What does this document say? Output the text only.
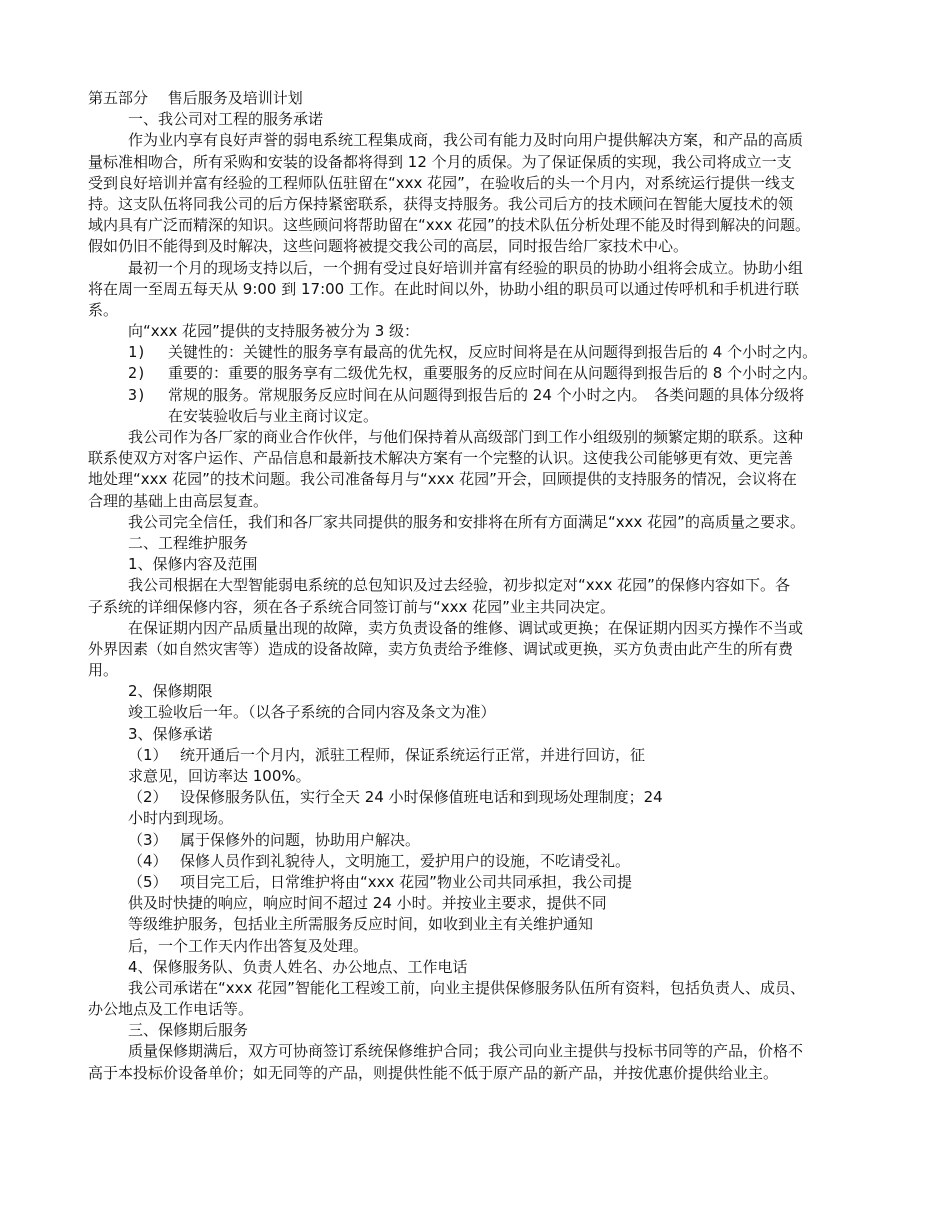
第五部分　 售后服务及培训计划
一、我公司对工程的服务承诺
作为业内享有良好声誉的弱电系统工程集成商，我公司有能力及时向用户提供解决方案，和产品的高质
量标准相吻合，所有采购和安装的设备都将得到 12 个月的质保。为了保证保质的实现，我公司将成立一支
受到良好培训并富有经验的工程师队伍驻留在“xxx 花园”，在验收后的头一个月内，对系统运行提供一线支
持。这支队伍将同我公司的后方保持紧密联系，获得支持服务。我公司后方的技术顾问在智能大厦技术的领
域内具有广泛而精深的知识。这些顾问将帮助留在“xxx 花园”的技术队伍分析处理不能及时得到解决的问题。
假如仍旧不能得到及时解决，这些问题将被提交我公司的高层，同时报告给厂家技术中心。
最初一个月的现场支持以后，一个拥有受过良好培训并富有经验的职员的协助小组将会成立。协助小组
将在周一至周五每天从 9:00 到 17:00 工作。在此时间以外，协助小组的职员可以通过传呼机和手机进行联
系。
向“xxx 花园”提供的支持服务被分为 3 级：
1) 关键性的：关键性的服务享有最高的优先权，反应时间将是在从问题得到报告后的 4 个小时之内。
2) 重要的：重要的服务享有二级优先权，重要服务的反应时间在从问题得到报告后的 8 个小时之内。
3) 常规的服务。常规服务反应时间在从问题得到报告后的 24 个小时之内。　各类问题的具体分级将
在安装验收后与业主商讨议定。
我公司作为各厂家的商业合作伙伴，与他们保持着从高级部门到工作小组级别的频繁定期的联系。这种
联系使双方对客户运作、产品信息和最新技术解决方案有一个完整的认识。这使我公司能够更有效、更完善
地处理“xxx 花园”的技术问题。我公司准备每月与“xxx 花园”开会，回顾提供的支持服务的情况，会议将在
合理的基础上由高层复查。
我公司完全信任，我们和各厂家共同提供的服务和安排将在所有方面满足“xxx 花园”的高质量之要求。
二、工程维护服务
1、保修内容及范围
我公司根据在大型智能弱电系统的总包知识及过去经验，初步拟定对“xxx 花园”的保修内容如下。各
子系统的详细保修内容，须在各子系统合同签订前与“xxx 花园”业主共同决定。
在保证期内因产品质量出现的故障，卖方负责设备的维修、调试或更换；在保证期内因买方操作不当或
外界因素（如自然灾害等）造成的设备故障，卖方负责给予维修、调试或更换，买方负责由此产生的所有费
用。
2、保修期限
竣工验收后一年。（以各子系统的合同内容及条文为准）
3、保修承诺
（1） 统开通后一个月内，派驻工程师，保证系统运行正常，并进行回访，征
求意见，回访率达 100%。
（2） 设保修服务队伍，实行全天 24 小时保修值班电话和到现场处理制度；24
小时内到现场。
（3） 属于保修外的问题，协助用户解决。
（4） 保修人员作到礼貌待人，文明施工，爱护用户的设施，不吃请受礼。
（5） 项目完工后，日常维护将由“xxx 花园”物业公司共同承担，我公司提
供及时快捷的响应，响应时间不超过 24 小时。并按业主要求，提供不同
等级维护服务，包括业主所需服务反应时间，如收到业主有关维护通知
后，一个工作天内作出答复及处理。
4、保修服务队、负责人姓名、办公地点、工作电话
我公司承诺在“xxx 花园”智能化工程竣工前，向业主提供保修服务队伍所有资料，包括负责人、成员、
办公地点及工作电话等。
三、保修期后服务
质量保修期满后，双方可协商签订系统保修维护合同；我公司向业主提供与投标书同等的产品，价格不
高于本投标价设备单价；如无同等的产品，则提供性能不低于原产品的新产品，并按优惠价提供给业主。
